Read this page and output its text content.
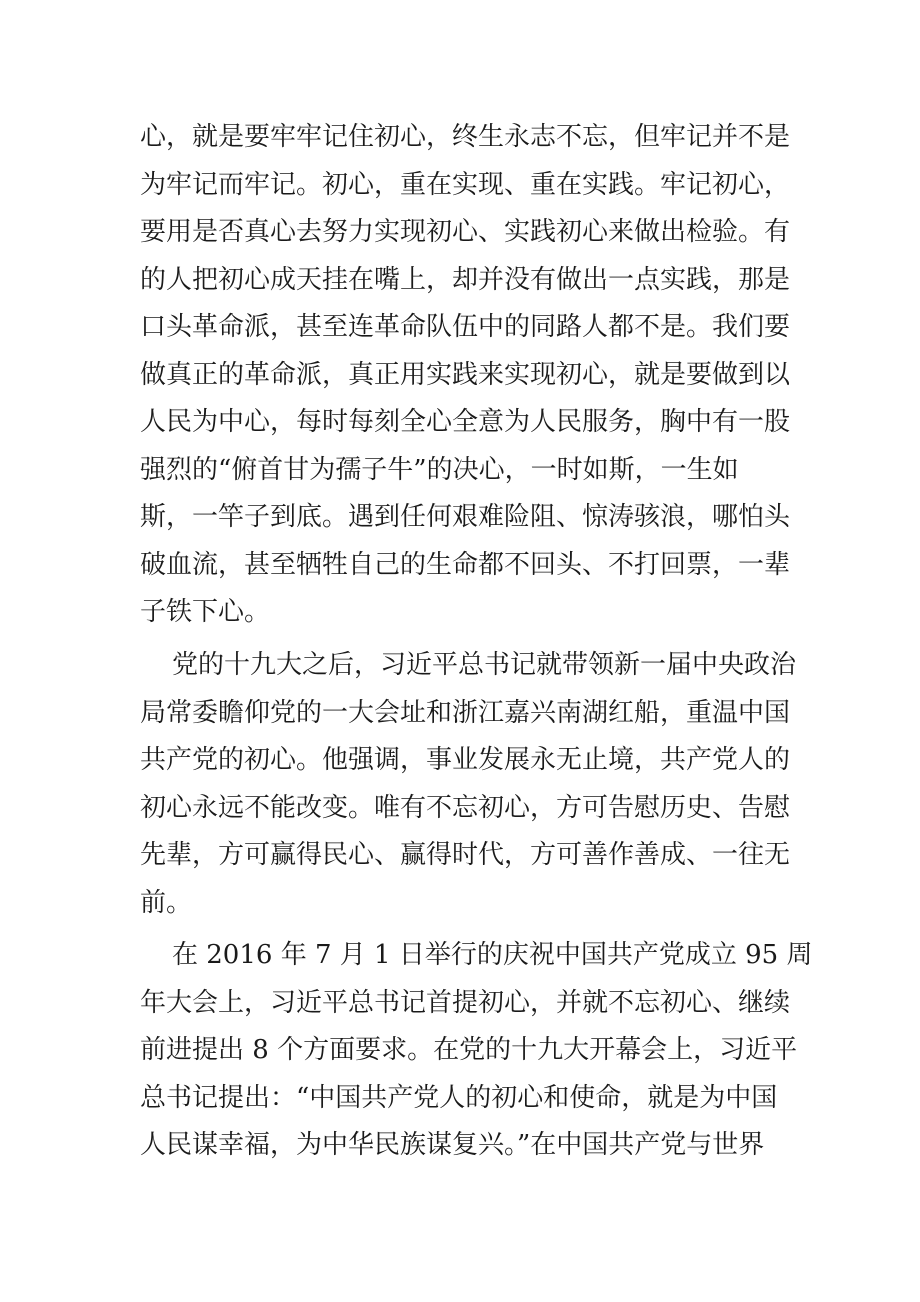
心，就是要牢牢记住初心，终生永志不忘，但牢记并不是
为牢记而牢记。初心，重在实现、重在实践。牢记初心，
要用是否真心去努力实现初心、实践初心来做出检验。有
的人把初心成天挂在嘴上，却并没有做出一点实践，那是
口头革命派，甚至连革命队伍中的同路人都不是。我们要
做真正的革命派，真正用实践来实现初心，就是要做到以
人民为中心，每时每刻全心全意为人民服务，胸中有一股
强烈的“俯首甘为孺子牛”的决心，一时如斯，一生如
斯，一竿子到底。遇到任何艰难险阻、惊涛骇浪，哪怕头
破血流，甚至牺牲自己的生命都不回头、不打回票，一辈
子铁下心。
党的十九大之后，习近平总书记就带领新一届中央政治
局常委瞻仰党的一大会址和浙江嘉兴南湖红船，重温中国
共产党的初心。他强调，事业发展永无止境，共产党人的
初心永远不能改变。唯有不忘初心，方可告慰历史、告慰
先辈，方可赢得民心、赢得时代，方可善作善成、一往无
前。
在 2016 年 7 月 1 日举行的庆祝中国共产党成立 95 周
年大会上，习近平总书记首提初心，并就不忘初心、继续
前进提出 8 个方面要求。在党的十九大开幕会上，习近平
总书记提出：“中国共产党人的初心和使命，就是为中国
人民谋幸福，为中华民族谋复兴。”在中国共产党与世界
